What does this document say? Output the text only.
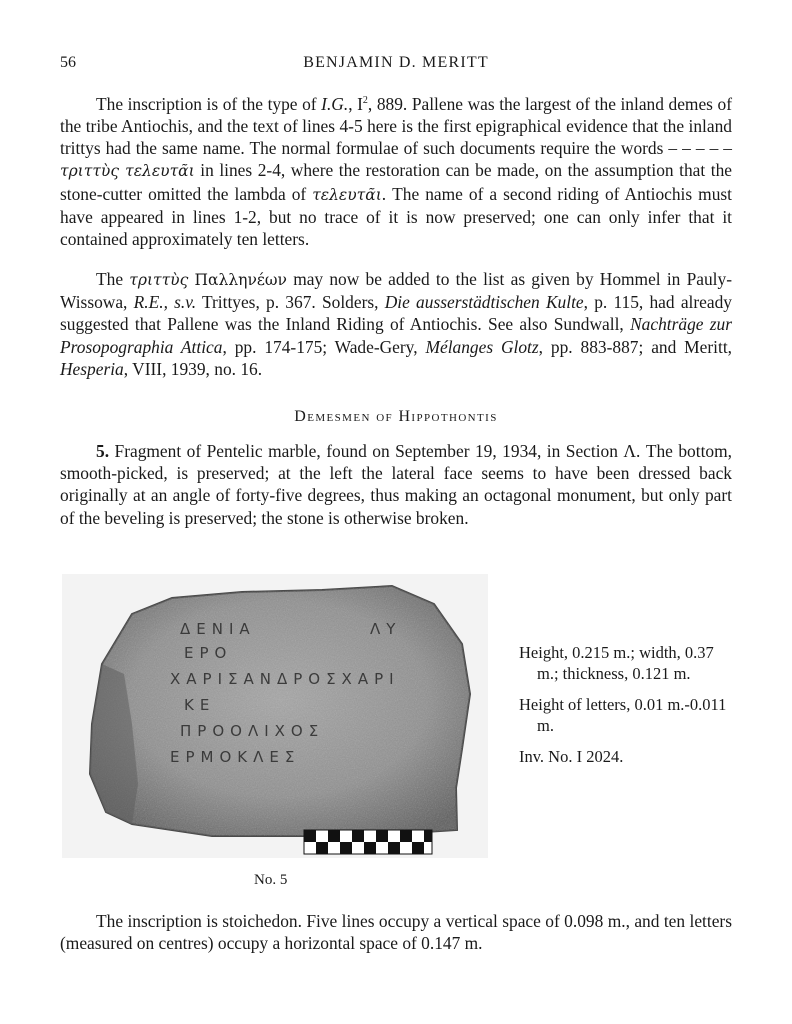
56	BENJAMIN D. MERITT

The inscription is of the type of I.G., $I^2$, 889. Pallene was the largest of the inland demes of the tribe Antiochis, and the text of lines 4-5 here is the first epigraphical evidence that the inland trittys had the same name. The normal formulae of such documents require the words – – – – – τριττὺς τελευτᾶι in lines 2-4, where the restoration can be made, on the assumption that the stone-cutter omitted the lambda of τελευτᾶι. The name of a second riding of Antiochis must have appeared in lines 1-2, but no trace of it is now preserved; one can only infer that it contained approximately ten letters.

The τριττὺς Παλληνέων may now be added to the list as given by Hommel in Pauly-Wissowa, R.E., s.v. Trittyes, p. 367. Solders, Die ausserstädtischen Kulte, p. 115, had already suggested that Pallene was the Inland Riding of Antiochis. See also Sundwall, Nachträge zur Prosopographia Attica, pp. 174-175; Wade-Gery, Mélanges Glotz, pp. 883-887; and Meritt, Hesperia, VIII, 1939, no. 16.

Demesmen of Hippothontis

5. Fragment of Pentelic marble, found on September 19, 1934, in Section Λ. The bottom, smooth-picked, is preserved; at the left the lateral face seems to have been dressed back originally at an angle of forty-five degrees, thus making an octagonal monument, but only part of the beveling is preserved; the stone is otherwise broken.

ΔΕΝΙΑ	ΛΥ
ΕΡΟ
ΧΑΡΙΣΑΝΔΡΟΣΧΑΡΙ
ΚΕ
ΠΡΟΟΛΙΧΟΣ
ΕΡΜΟΚΛΕΣ
No. 5

Height, 0.215 m.; width, 0.37 m.; thickness, 0.121 m.

Height of letters, 0.01 m.-0.011 m.

Inv. No. I 2024.

The inscription is stoichedon. Five lines occupy a vertical space of 0.098 m., and ten letters (measured on centres) occupy a horizontal space of 0.147 m.
